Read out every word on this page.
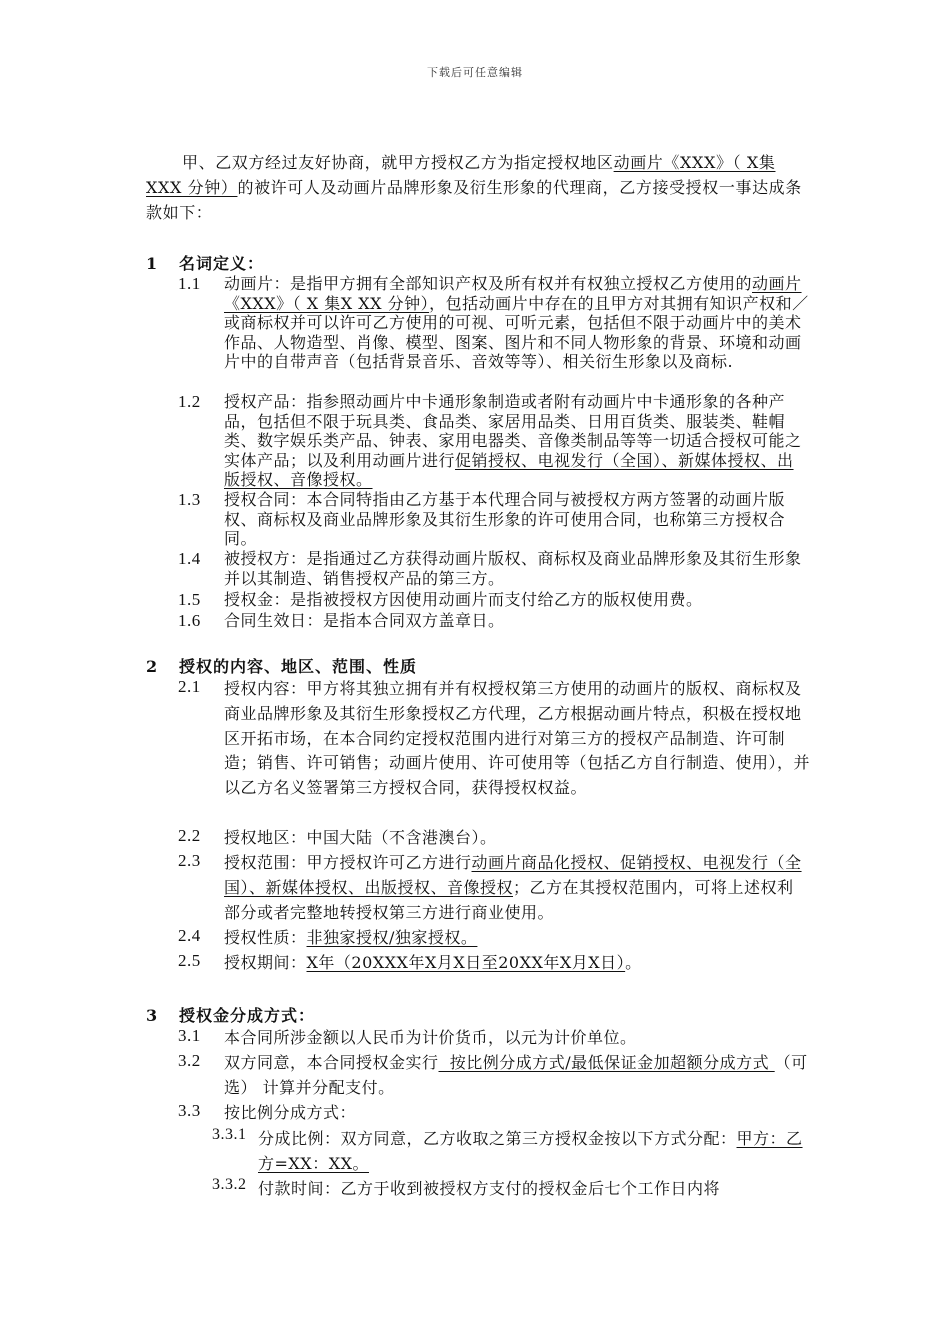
下载后可任意编辑
甲、乙双方经过友好协商，就甲方授权乙方为指定授权地区动画片《XXX》（ X集XXX 分钟）的被许可人及动画片品牌形象及衍生形象的代理商，乙方接受授权一事达成条款如下：
1 名词定义：
1.1 动画片：是指甲方拥有全部知识产权及所有权并有权独立授权乙方使用的动画片《XXX》（ X 集X XX 分钟），包括动画片中存在的且甲方对其拥有知识产权和／或商标权并可以许可乙方使用的可视、可听元素，包括但不限于动画片中的美术作品、人物造型、肖像、模型、图案、图片和不同人物形象的背景、环境和动画片中的自带声音（包括背景音乐、音效等等）、相关衍生形象以及商标.
1.2 授权产品：指参照动画片中卡通形象制造或者附有动画片中卡通形象的各种产品，包括但不限于玩具类、食品类、家居用品类、日用百货类、服装类、鞋帽类、数字娱乐类产品、钟表、家用电器类、音像类制品等等一切适合授权可能之实体产品；以及利用动画片进行促销授权、电视发行（全国）、新媒体授权、出版授权、音像授权。
1.3 授权合同：本合同特指由乙方基于本代理合同与被授权方两方签署的动画片版权、商标权及商业品牌形象及其衍生形象的许可使用合同，也称第三方授权合同。
1.4 被授权方：是指通过乙方获得动画片版权、商标权及商业品牌形象及其衍生形象并以其制造、销售授权产品的第三方。
1.5 授权金：是指被授权方因使用动画片而支付给乙方的版权使用费。
1.6 合同生效日：是指本合同双方盖章日。
2 授权的内容、地区、范围、性质
2.1 授权内容：甲方将其独立拥有并有权授权第三方使用的动画片的版权、商标权及商业品牌形象及其衍生形象授权乙方代理，乙方根据动画片特点，积极在授权地区开拓市场，在本合同约定授权范围内进行对第三方的授权产品制造、许可制造；销售、许可销售；动画片使用、许可使用等（包括乙方自行制造、使用），并以乙方名义签署第三方授权合同，获得授权权益。
2.2 授权地区：中国大陆（不含港澳台）。
2.3 授权范围：甲方授权许可乙方进行动画片商品化授权、促销授权、电视发行（全国）、新媒体授权、出版授权、音像授权；乙方在其授权范围内，可将上述权利部分或者完整地转授权第三方进行商业使用。
2.4 授权性质：非独家授权/独家授权。
2.5 授权期间：X年（20XXX年X月X日至20XX年X月X日）。
3 授权金分成方式：
3.1 本合同所涉金额以人民币为计价货币，以元为计价单位。
3.2 双方同意，本合同授权金实行  按比例分成方式/最低保证金加超额分成方式 （可选） 计算并分配支付。
3.3 按比例分成方式：
3.3.1 分成比例：双方同意，乙方收取之第三方授权金按以下方式分配：甲方：乙方=XX：XX。
3.3.2 付款时间：乙方于收到被授权方支付的授权金后七个工作日内将
